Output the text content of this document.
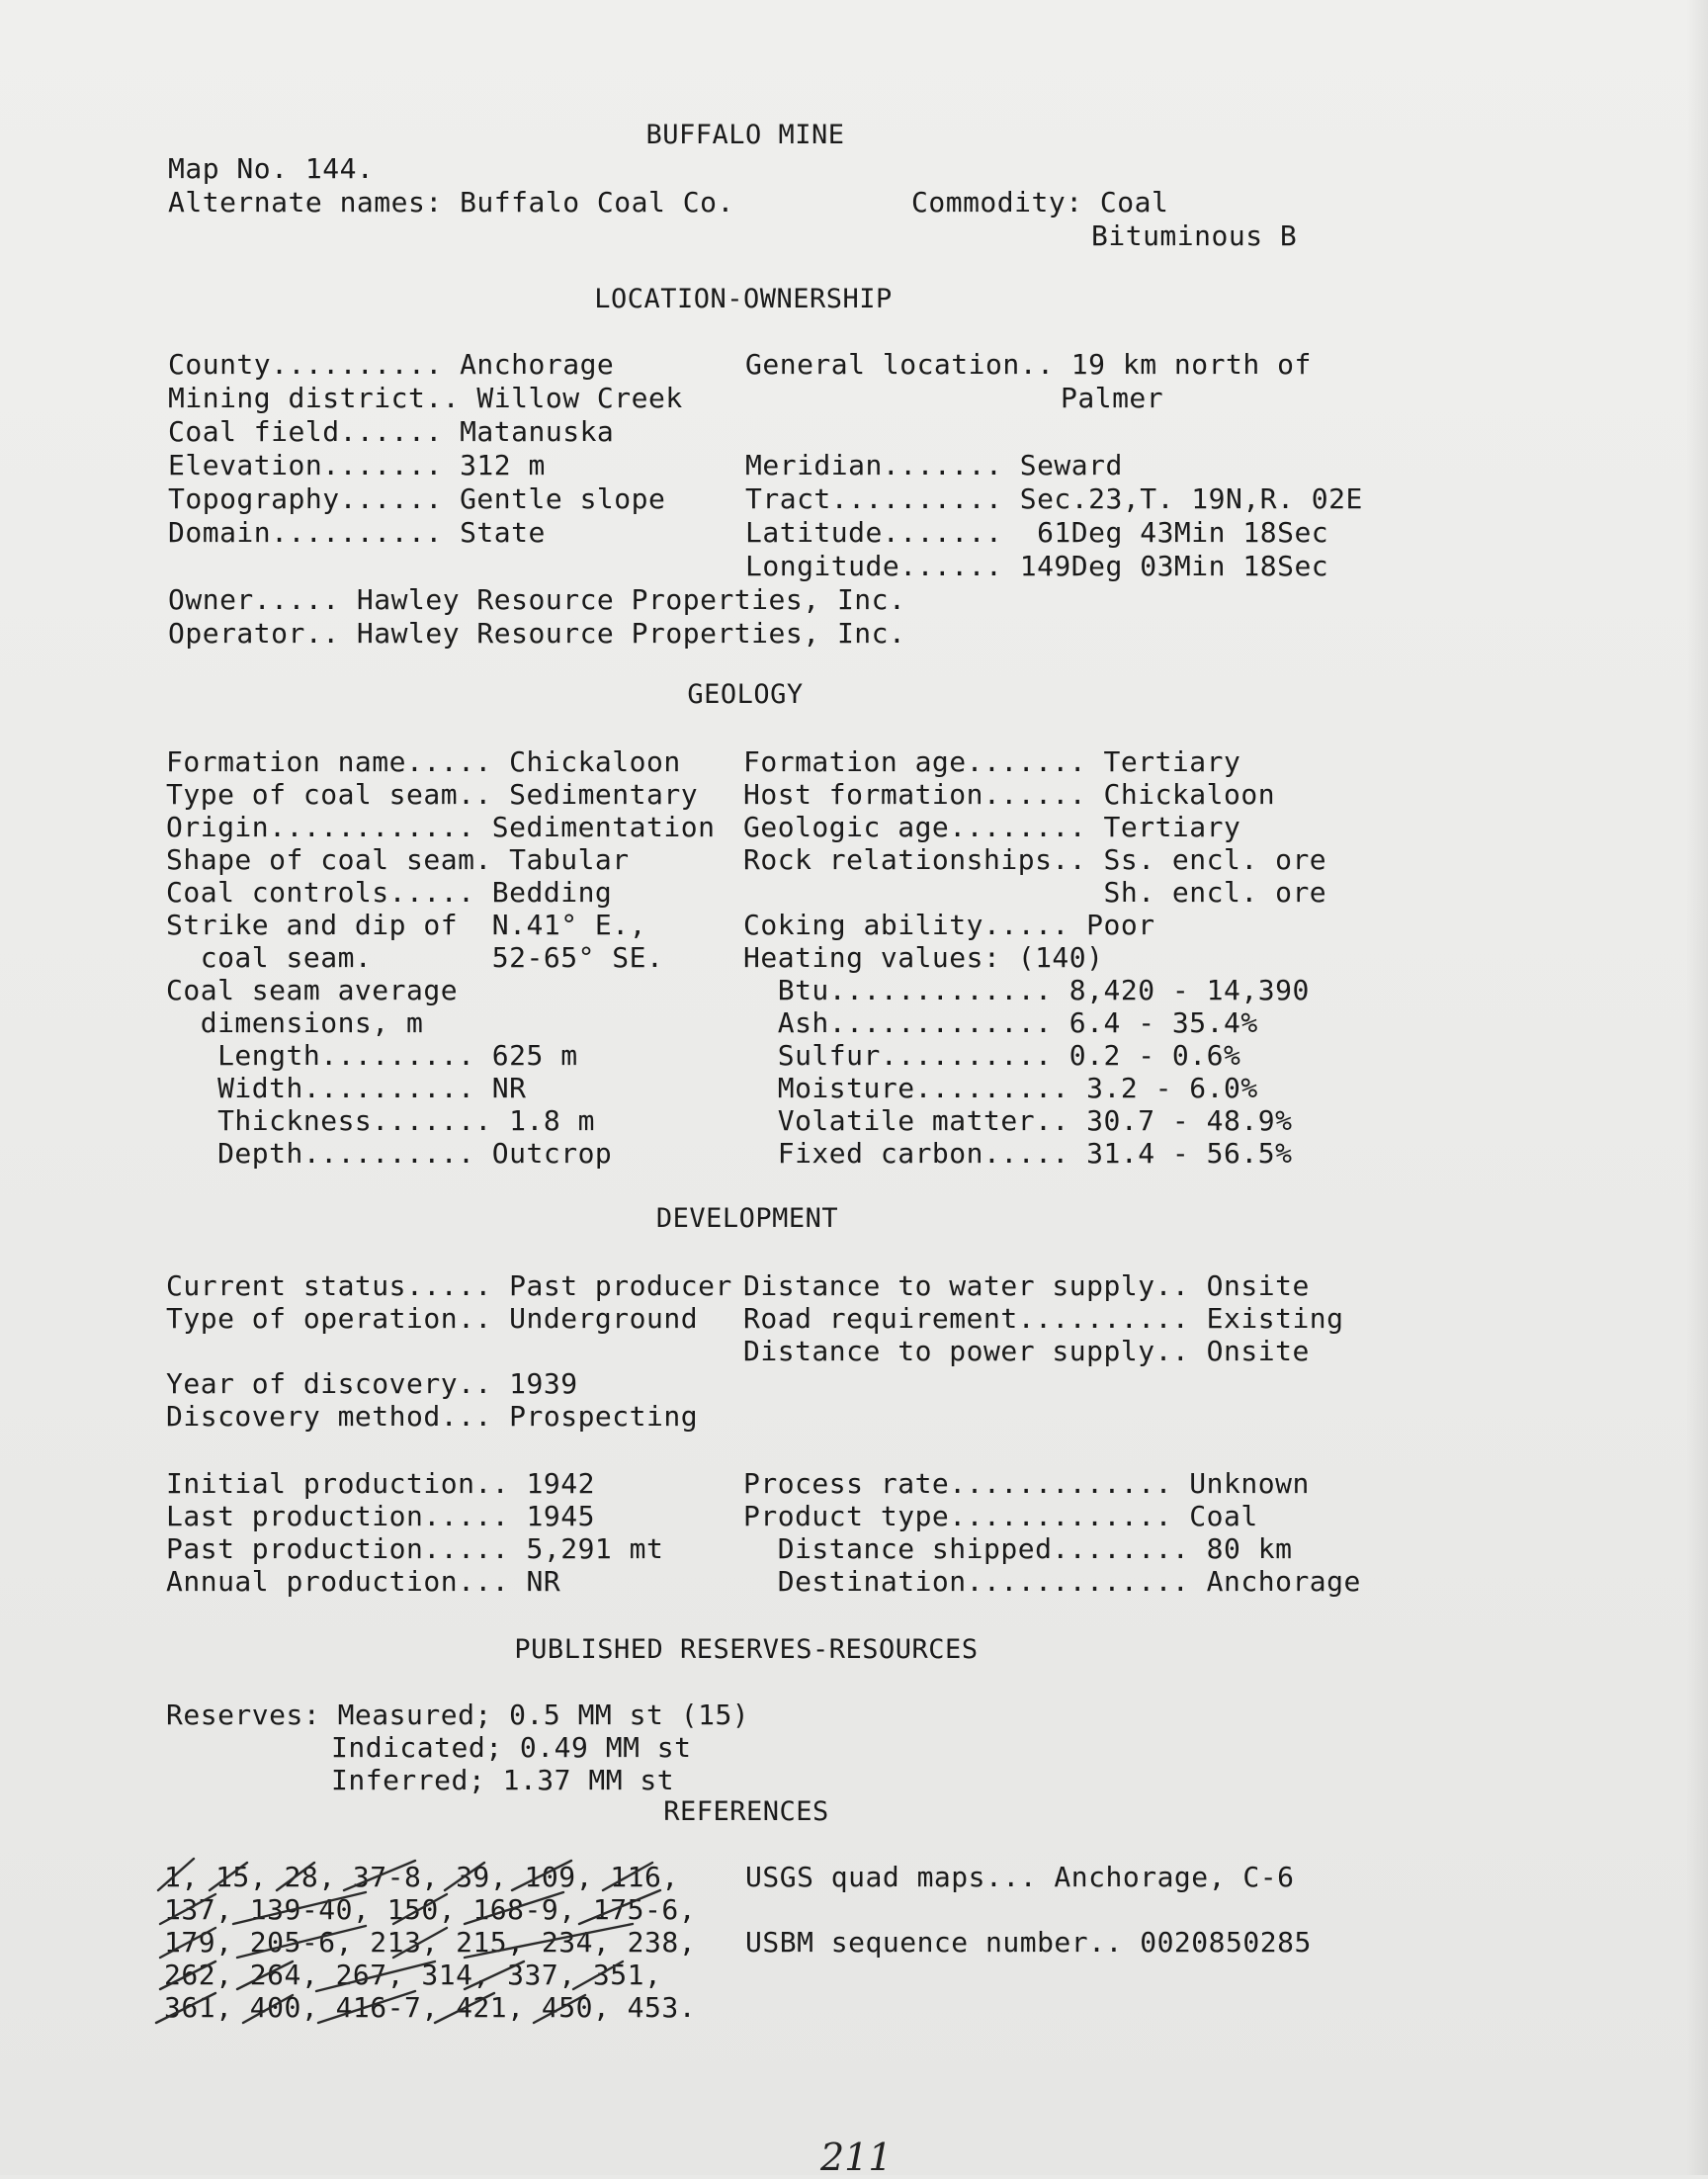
BUFFALO MINE
Map No. 144.
Alternate names: Buffalo Coal Co.	Commodity: Coal
Bituminous B
LOCATION-OWNERSHIP
County.......... Anchorage
Mining district.. Willow Creek
Coal field...... Matanuska
Elevation....... 312 m
Topography...... Gentle slope
Domain.......... State
General location.. 19 km north of
Palmer
Meridian....... Seward
Tract.......... Sec.23,T. 19N,R. 02E
Latitude.......  61Deg 43Min 18Sec
Longitude...... 149Deg 03Min 18Sec
Owner..... Hawley Resource Properties, Inc.
Operator.. Hawley Resource Properties, Inc.
GEOLOGY
Formation name..... Chickaloon
Type of coal seam.. Sedimentary
Origin............ Sedimentation
Shape of coal seam. Tabular
Coal controls..... Bedding
Strike and dip of  N.41° E.,
coal seam.       52-65° SE.
Coal seam average
dimensions, m
Length......... 625 m
Width.......... NR
Thickness....... 1.8 m
Depth.......... Outcrop
Formation age....... Tertiary
Host formation...... Chickaloon
Geologic age........ Tertiary
Rock relationships.. Ss. encl. ore
Sh. encl. ore
Coking ability..... Poor
Heating values: (140)
Btu............. 8,420 - 14,390
Ash............. 6.4 - 35.4%
Sulfur.......... 0.2 - 0.6%
Moisture......... 3.2 - 6.0%
Volatile matter.. 30.7 - 48.9%
Fixed carbon..... 31.4 - 56.5%
DEVELOPMENT
Current status..... Past producer
Type of operation.. Underground
Year of discovery.. 1939
Discovery method... Prospecting
Distance to water supply.. Onsite
Road requirement.......... Existing
Distance to power supply.. Onsite
Initial production.. 1942
Last production..... 1945
Past production..... 5,291 mt
Annual production... NR
Process rate............. Unknown
Product type............. Coal
Distance shipped........ 80 km
Destination............. Anchorage
PUBLISHED RESERVES-RESOURCES
Reserves: Measured; 0.5 MM st (15)
Indicated; 0.49 MM st
Inferred; 1.37 MM st
REFERENCES
1, 15, 28, 37-8, 39, 109, 116,
137, 139-40, 150, 168-9, 175-6,
179, 205-6, 213, 215, 234, 238,
262, 264, 267, 314, 337, 351,
361, 400, 416-7, 421, 450, 453.
USGS quad maps... Anchorage, C-6
USBM sequence number.. 0020850285
211
